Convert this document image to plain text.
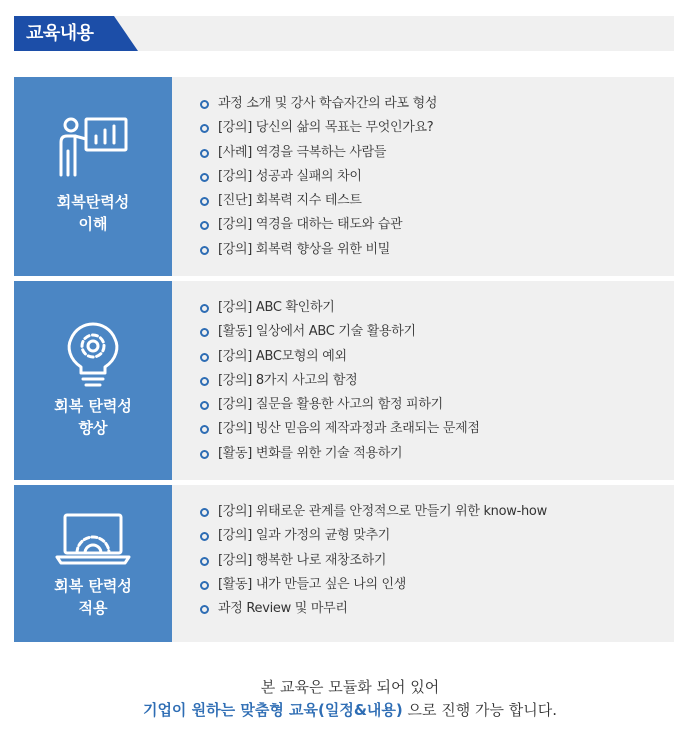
교육내용
회복탄력성
이해
과정 소개 및 강사 학습자간의 라포 형성
[강의] 당신의 삶의 목표는 무엇인가요?
[사례] 역경을 극복하는 사람들
[강의] 성공과 실패의 차이
[진단] 회복력 지수 테스트
[강의] 역경을 대하는 태도와 습관
[강의] 회복력 향상을 위한 비밀
회복 탄력성
향상
[강의] ABC 확인하기
[활동] 일상에서 ABC 기술 활용하기
[강의] ABC모형의 예외
[강의] 8가지 사고의 함정
[강의] 질문을 활용한 사고의 함정 피하기
[강의] 빙산 믿음의 제작과정과 초래되는 문제점
[활동] 변화를 위한 기술 적용하기
회복 탄력성
적용
[강의] 위태로운 관계를 안정적으로 만들기 위한 know-how
[강의] 일과 가정의 균형 맞추기
[강의] 행복한 나로 재창조하기
[활동] 내가 만들고 싶은 나의 인생
과정 Review 및 마무리
본 교육은 모듈화 되어 있어
기업이 원하는 맞춤형 교육(일정&내용) 으로 진행 가능 합니다.
